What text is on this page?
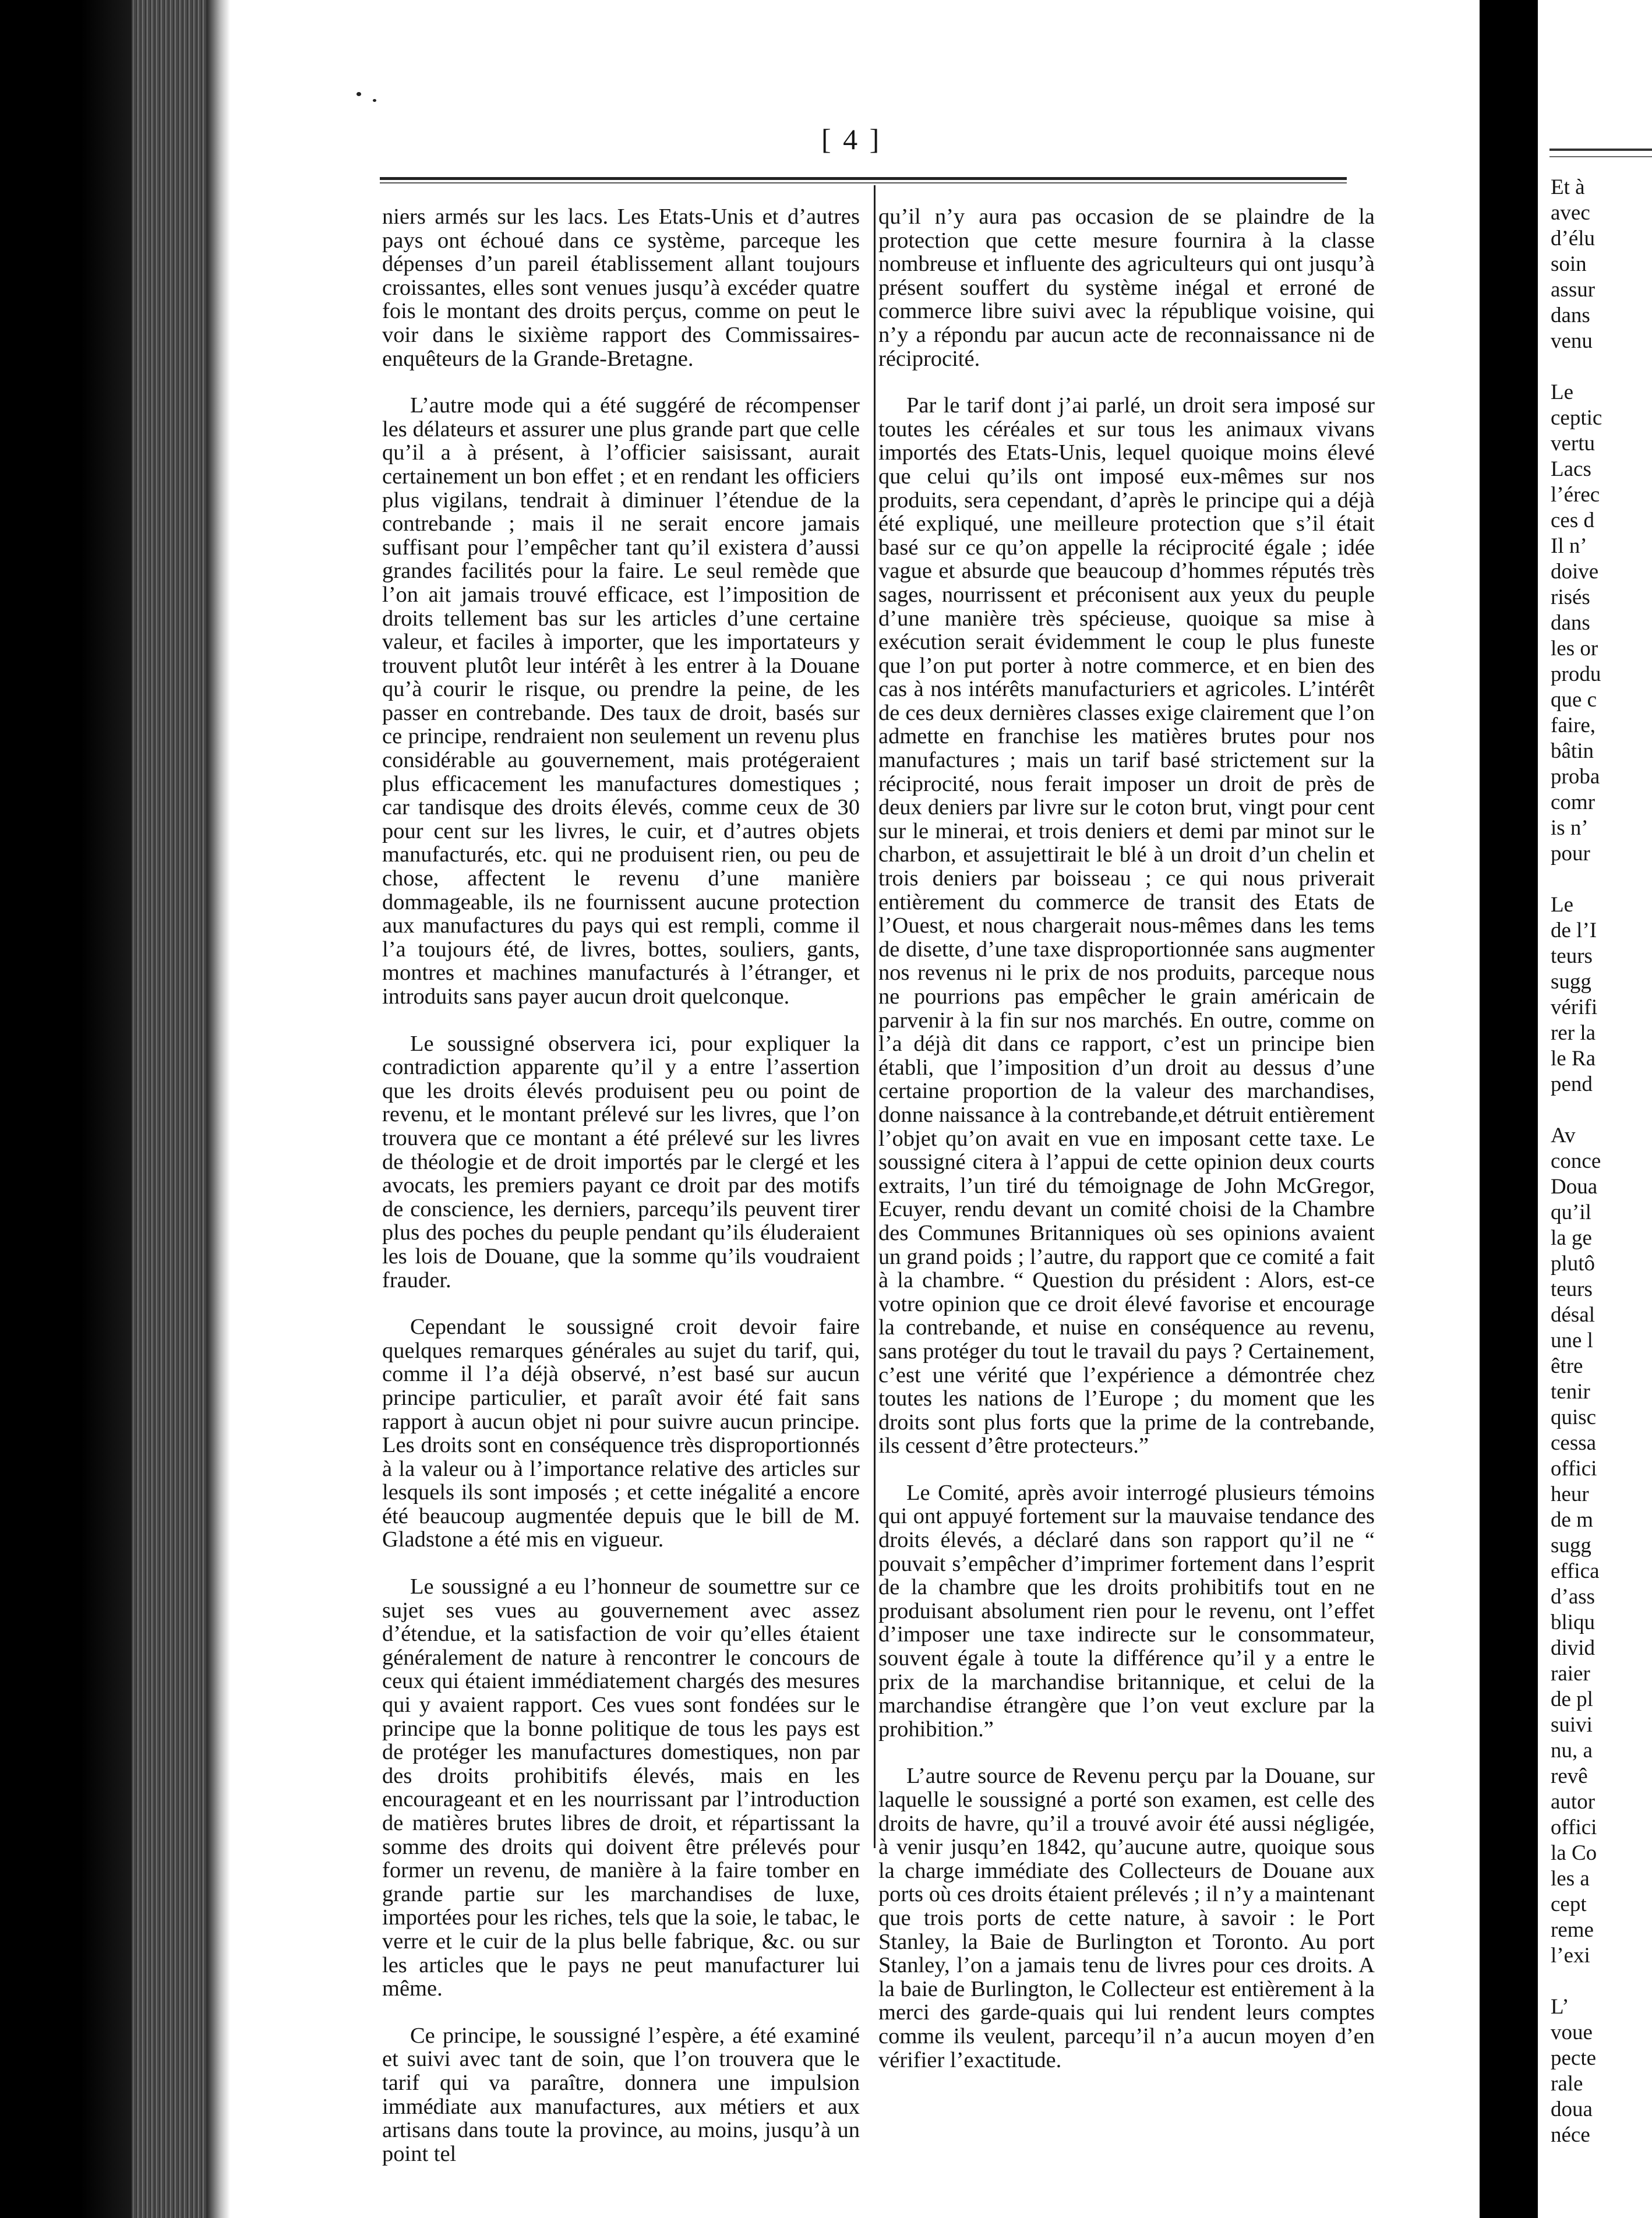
Et à
avec
d’élu
soin
assur
dans
venu
Le
ceptic
vertu
Lacs
l’érec
ces d
Il n’
doive
risés
dans
les or
produ
que c
faire,
bâtin
proba
comr
is n’
pour
Le
de l’I
teurs
sugg
vérifi
rer la
le Ra
pend
Av
conce
Doua
qu’il
la ge
plutô
teurs
désal
une l
être
tenir
quisc
cessa
offici
heur
de m
sugg
effica
d’ass
bliqu
divid
raier
de pl
suivi
nu, a
revê
autor
offici
la Co
les a
cept
reme
l’exi
L’
voue
pecte
rale
doua
néce
[ 4 ]

niers armés sur les lacs. Les Etats-Unis et d’autres pays ont échoué dans ce système, parceque les dépenses d’un pareil établissement allant toujours croissantes, elles sont venues jusqu’à excéder quatre fois le montant des droits perçus, comme on peut le voir dans le sixième rapport des Commissaires-enquêteurs de la Grande-Bretagne.

L’autre mode qui a été suggéré de récompenser les délateurs et assurer une plus grande part que celle qu’il a à présent, à l’officier saisissant, aurait certainement un bon effet ; et en rendant les officiers plus vigilans, tendrait à diminuer l’étendue de la contrebande ; mais il ne serait encore jamais suffisant pour l’empêcher tant qu’il existera d’aussi grandes facilités pour la faire. Le seul remède que l’on ait jamais trouvé efficace, est l’imposition de droits tellement bas sur les articles d’une certaine valeur, et faciles à importer, que les importateurs y trouvent plutôt leur intérêt à les entrer à la Douane qu’à courir le risque, ou prendre la peine, de les passer en contrebande. Des taux de droit, basés sur ce principe, rendraient non seulement un revenu plus considérable au gouvernement, mais protégeraient plus efficacement les manufactures domestiques ; car tandisque des droits élevés, comme ceux de 30 pour cent sur les livres, le cuir, et d’autres objets manufacturés, etc. qui ne produisent rien, ou peu de chose, affectent le revenu d’une manière dommageable, ils ne fournissent aucune protection aux manufactures du pays qui est rempli, comme il l’a toujours été, de livres, bottes, souliers, gants, montres et machines manufacturés à l’étranger, et introduits sans payer aucun droit quelconque.

Le soussigné observera ici, pour expliquer la contradiction apparente qu’il y a entre l’assertion que les droits élevés produisent peu ou point de revenu, et le montant prélevé sur les livres, que l’on trouvera que ce montant a été prélevé sur les livres de théologie et de droit importés par le clergé et les avocats, les premiers payant ce droit par des motifs de conscience, les derniers, parcequ’ils peuvent tirer plus des poches du peuple pendant qu’ils éluderaient les lois de Douane, que la somme qu’ils voudraient frauder.

Cependant le soussigné croit devoir faire quelques remarques générales au sujet du tarif, qui, comme il l’a déjà observé, n’est basé sur aucun principe particulier, et paraît avoir été fait sans rapport à aucun objet ni pour suivre aucun principe. Les droits sont en conséquence très disproportionnés à la valeur ou à l’importance relative des articles sur lesquels ils sont imposés ; et cette inégalité a encore été beaucoup augmentée depuis que le bill de M. Gladstone a été mis en vigueur.

Le soussigné a eu l’honneur de soumettre sur ce sujet ses vues au gouvernement avec assez d’étendue, et la satisfaction de voir qu’elles étaient généralement de nature à rencontrer le concours de ceux qui étaient immédiatement chargés des mesures qui y avaient rapport. Ces vues sont fondées sur le principe que la bonne politique de tous les pays est de protéger les manufactures domestiques, non par des droits prohibitifs élevés, mais en les encourageant et en les nourrissant par l’introduction de matières brutes libres de droit, et répartissant la somme des droits qui doivent être prélevés pour former un revenu, de manière à la faire tomber en grande partie sur les marchandises de luxe, importées pour les riches, tels que la soie, le tabac, le verre et le cuir de la plus belle fabrique, &c. ou sur les articles que le pays ne peut manufacturer lui même.

Ce principe, le soussigné l’espère, a été examiné et suivi avec tant de soin, que l’on trouvera que le tarif qui va paraître, donnera une impulsion immédiate aux manufactures, aux métiers et aux artisans dans toute la province, au moins, jusqu’à un point tel

qu’il n’y aura pas occasion de se plaindre de la protection que cette mesure fournira à la classe nombreuse et influente des agriculteurs qui ont jusqu’à présent souffert du système inégal et erroné de commerce libre suivi avec la république voisine, qui n’y a répondu par aucun acte de reconnaissance ni de réciprocité.

Par le tarif dont j’ai parlé, un droit sera imposé sur toutes les céréales et sur tous les animaux vivans importés des Etats-Unis, lequel quoique moins élevé que celui qu’ils ont imposé eux-mêmes sur nos produits, sera cependant, d’après le principe qui a déjà été expliqué, une meilleure protection que s’il était basé sur ce qu’on appelle la réciprocité égale ; idée vague et absurde que beaucoup d’hommes réputés très sages, nourrissent et préconisent aux yeux du peuple d’une manière très spécieuse, quoique sa mise à exécution serait évidemment le coup le plus funeste que l’on put porter à notre commerce, et en bien des cas à nos intérêts manufacturiers et agricoles. L’intérêt de ces deux dernières classes exige clairement que l’on admette en franchise les matières brutes pour nos manufactures ; mais un tarif basé strictement sur la réciprocité, nous ferait imposer un droit de près de deux deniers par livre sur le coton brut, vingt pour cent sur le minerai, et trois deniers et demi par minot sur le charbon, et assujettirait le blé à un droit d’un chelin et trois deniers par boisseau ; ce qui nous priverait entièrement du commerce de transit des Etats de l’Ouest, et nous chargerait nous-mêmes dans les tems de disette, d’une taxe disproportionnée sans augmenter nos revenus ni le prix de nos produits, parceque nous ne pourrions pas empêcher le grain américain de parvenir à la fin sur nos marchés. En outre, comme on l’a déjà dit dans ce rapport, c’est un principe bien établi, que l’imposition d’un droit au dessus d’une certaine proportion de la valeur des marchandises, donne naissance à la contrebande,et détruit entièrement l’objet qu’on avait en vue en imposant cette taxe. Le soussigné citera à l’appui de cette opinion deux courts extraits, l’un tiré du témoignage de John McGregor, Ecuyer, rendu devant un comité choisi de la Chambre des Communes Britanniques où ses opinions avaient un grand poids ; l’autre, du rapport que ce comité a fait à la chambre. “ Question du président : Alors, est-ce votre opinion que ce droit élevé favorise et encourage la contrebande, et nuise en conséquence au revenu, sans protéger du tout le travail du pays ? Certainement, c’est une vérité que l’expérience a démontrée chez toutes les nations de l’Europe ; du moment que les droits sont plus forts que la prime de la contrebande, ils cessent d’être protecteurs.”

Le Comité, après avoir interrogé plusieurs témoins qui ont appuyé fortement sur la mauvaise tendance des droits élevés, a déclaré dans son rapport qu’il ne “ pouvait s’empêcher d’imprimer fortement dans l’esprit de la chambre que les droits prohibitifs tout en ne produisant absolument rien pour le revenu, ont l’effet d’imposer une taxe indirecte sur le consommateur, souvent égale à toute la différence qu’il y a entre le prix de la marchandise britannique, et celui de la marchandise étrangère que l’on veut exclure par la prohibition.”

L’autre source de Revenu perçu par la Douane, sur laquelle le soussigné a porté son examen, est celle des droits de havre, qu’il a trouvé avoir été aussi négligée, à venir jusqu’en 1842, qu’aucune autre, quoique sous la charge immédiate des Collecteurs de Douane aux ports où ces droits étaient prélevés ; il n’y a maintenant que trois ports de cette nature, à savoir : le Port Stanley, la Baie de Burlington et Toronto. Au port Stanley, l’on a jamais tenu de livres pour ces droits. A la baie de Burlington, le Collecteur est entièrement à la merci des garde-quais qui lui rendent leurs comptes comme ils veulent, parcequ’il n’a aucun moyen d’en vérifier l’exactitude.
